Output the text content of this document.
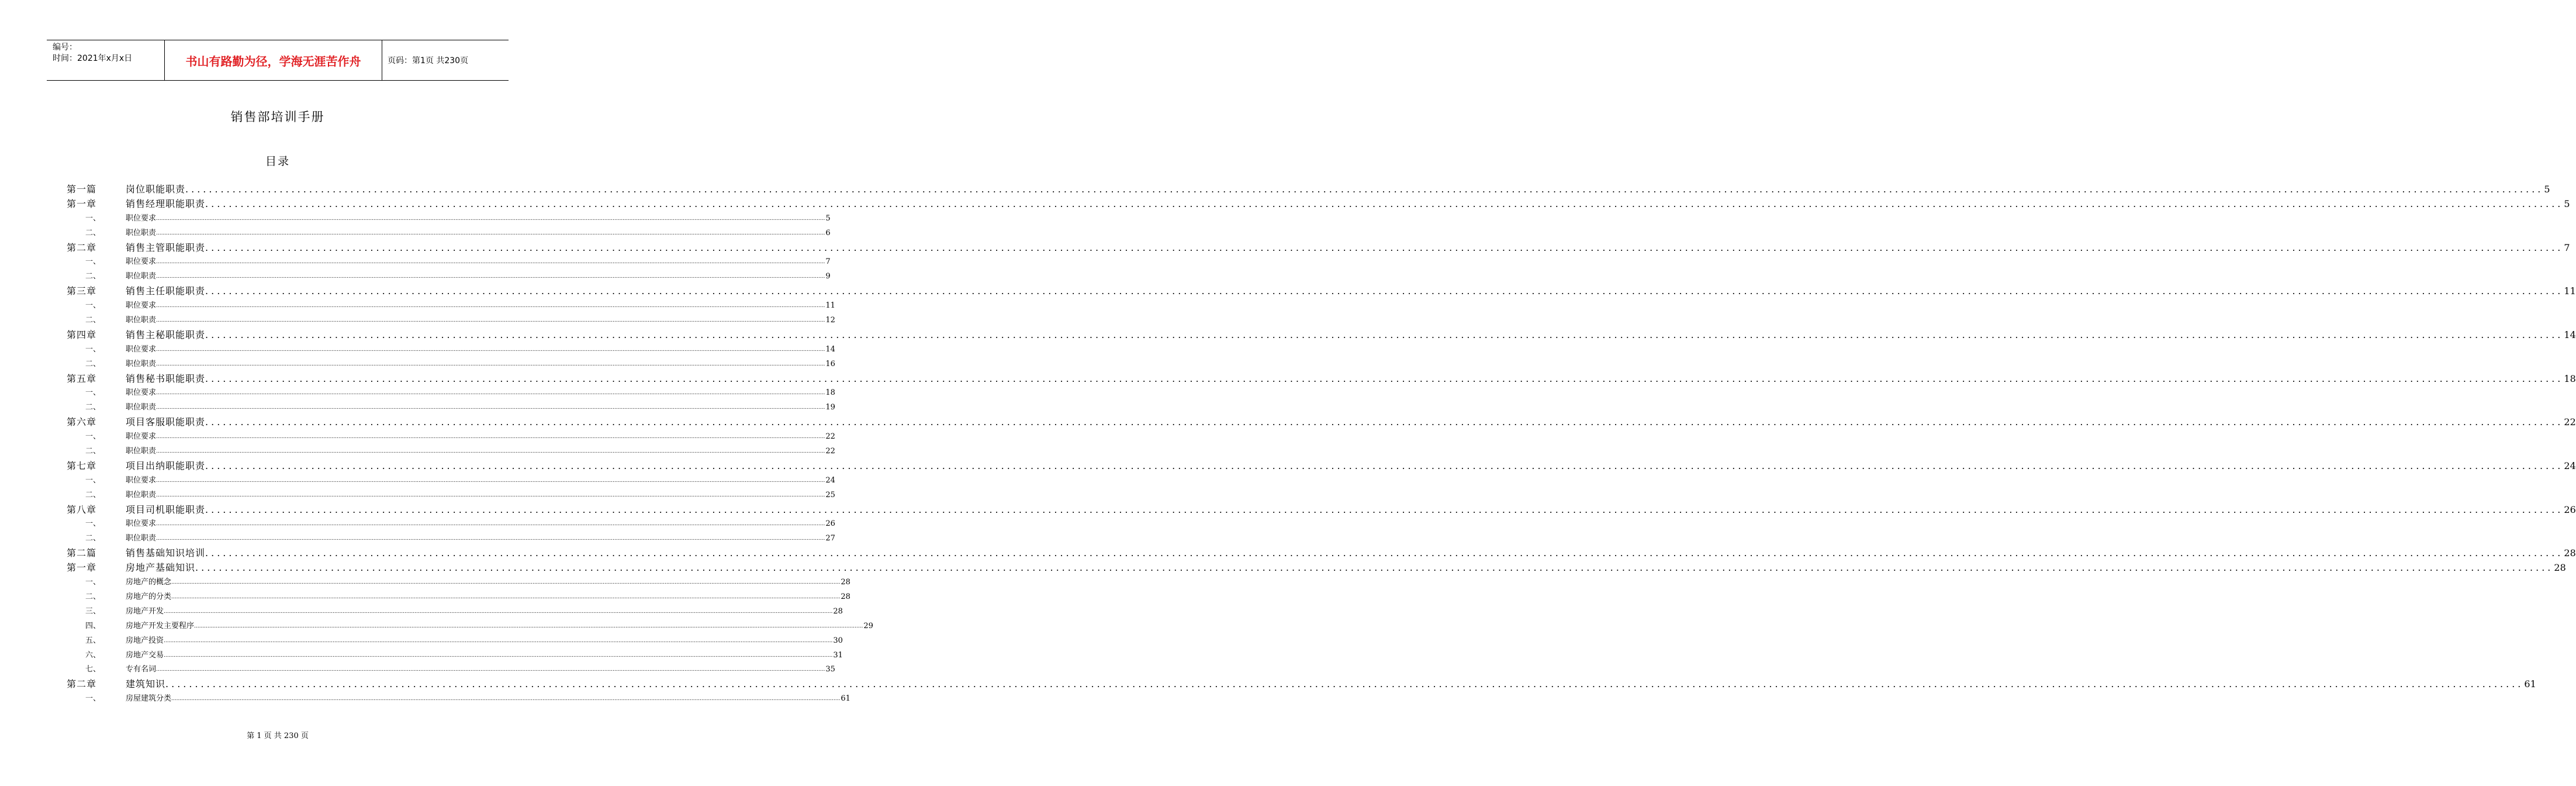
编号：
时间：2021年x月x日	书山有路勤为径，学海无涯苦作舟	页码：第1页 共230页
销售部培训手册
目录
岗位职能职责 ................................................................................................................................................................................................................................................................................................................................................................................................................ 5
第一篇
销售经理职能职责 ................................................................................................................................................................................................................................................................................................................................................................................................................ 5
第一章
职位要求 ................................................................................................................................................................................................................................................................................................................................................................................................................ 5
一、
职位职责 ................................................................................................................................................................................................................................................................................................................................................................................................................ 6
二、
销售主管职能职责 ................................................................................................................................................................................................................................................................................................................................................................................................................ 7
第二章
职位要求 ................................................................................................................................................................................................................................................................................................................................................................................................................ 7
一、
职位职责 ................................................................................................................................................................................................................................................................................................................................................................................................................ 9
二、
销售主任职能职责 ................................................................................................................................................................................................................................................................................................................................................................................................................ 11
第三章
职位要求 ................................................................................................................................................................................................................................................................................................................................................................................................................ 11
一、
职位职责 ................................................................................................................................................................................................................................................................................................................................................................................................................ 12
二、
销售主秘职能职责 ................................................................................................................................................................................................................................................................................................................................................................................................................ 14
第四章
职位要求 ................................................................................................................................................................................................................................................................................................................................................................................................................ 14
一、
职位职责 ................................................................................................................................................................................................................................................................................................................................................................................................................ 16
二、
销售秘书职能职责 ................................................................................................................................................................................................................................................................................................................................................................................................................ 18
第五章
职位要求 ................................................................................................................................................................................................................................................................................................................................................................................................................ 18
一、
职位职责 ................................................................................................................................................................................................................................................................................................................................................................................................................ 19
二、
项目客服职能职责 ................................................................................................................................................................................................................................................................................................................................................................................................................ 22
第六章
职位要求 ................................................................................................................................................................................................................................................................................................................................................................................................................ 22
一、
职位职责 ................................................................................................................................................................................................................................................................................................................................................................................................................ 22
二、
项目出纳职能职责 ................................................................................................................................................................................................................................................................................................................................................................................................................ 24
第七章
职位要求 ................................................................................................................................................................................................................................................................................................................................................................................................................ 24
一、
职位职责 ................................................................................................................................................................................................................................................................................................................................................................................................................ 25
二、
项目司机职能职责 ................................................................................................................................................................................................................................................................................................................................................................................................................ 26
第八章
职位要求 ................................................................................................................................................................................................................................................................................................................................................................................................................ 26
一、
职位职责 ................................................................................................................................................................................................................................................................................................................................................................................................................ 27
二、
销售基础知识培训 ................................................................................................................................................................................................................................................................................................................................................................................................................ 28
第二篇
房地产基础知识 ................................................................................................................................................................................................................................................................................................................................................................................................................ 28
第一章
房地产的概念 ................................................................................................................................................................................................................................................................................................................................................................................................................ 28
一、
房地产的分类 ................................................................................................................................................................................................................................................................................................................................................................................................................ 28
二、
房地产开发 ................................................................................................................................................................................................................................................................................................................................................................................................................ 28
三、
房地产开发主要程序 ................................................................................................................................................................................................................................................................................................................................................................................................................ 29
四、
房地产投资 ................................................................................................................................................................................................................................................................................................................................................................................................................ 30
五、
房地产交易 ................................................................................................................................................................................................................................................................................................................................................................................................................ 31
六、
专有名词 ................................................................................................................................................................................................................................................................................................................................................................................................................ 35
七、
建筑知识 ................................................................................................................................................................................................................................................................................................................................................................................................................ 61
第二章
房屋建筑分类 ................................................................................................................................................................................................................................................................................................................................................................................................................ 61
一、
第 1 页 共 230 页
